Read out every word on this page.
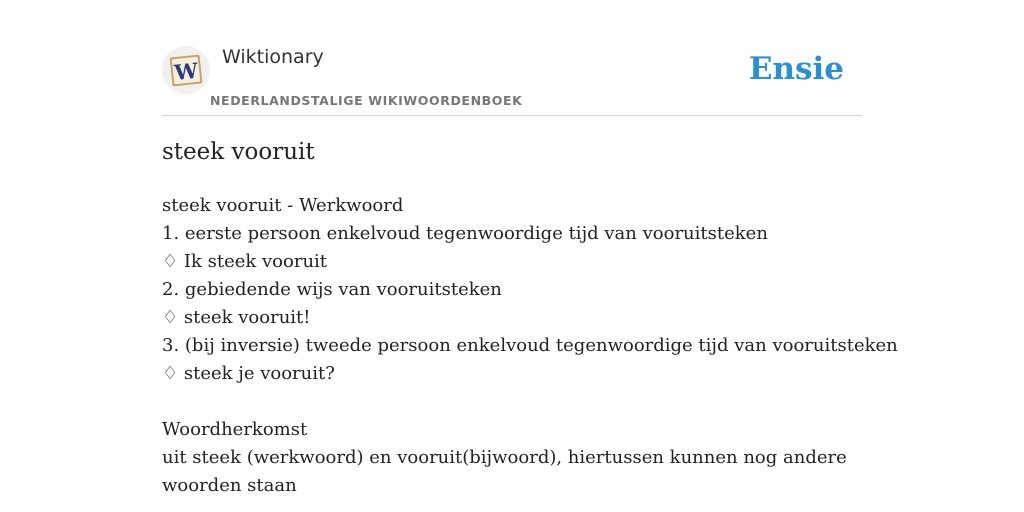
W
Wiktionary
NEDERLANDSTALIGE WIKIWOORDENBOEK
Ensie
steek vooruit
steek vooruit - Werkwoord
1. eerste persoon enkelvoud tegenwoordige tijd van vooruitsteken
♢ Ik steek vooruit
2. gebiedende wijs van vooruitsteken
♢ steek vooruit!
3. (bij inversie) tweede persoon enkelvoud tegenwoordige tijd van vooruitsteken
♢ steek je vooruit?
Woordherkomst
uit steek (werkwoord) en vooruit(bijwoord), hiertussen kunnen nog andere woorden staan
